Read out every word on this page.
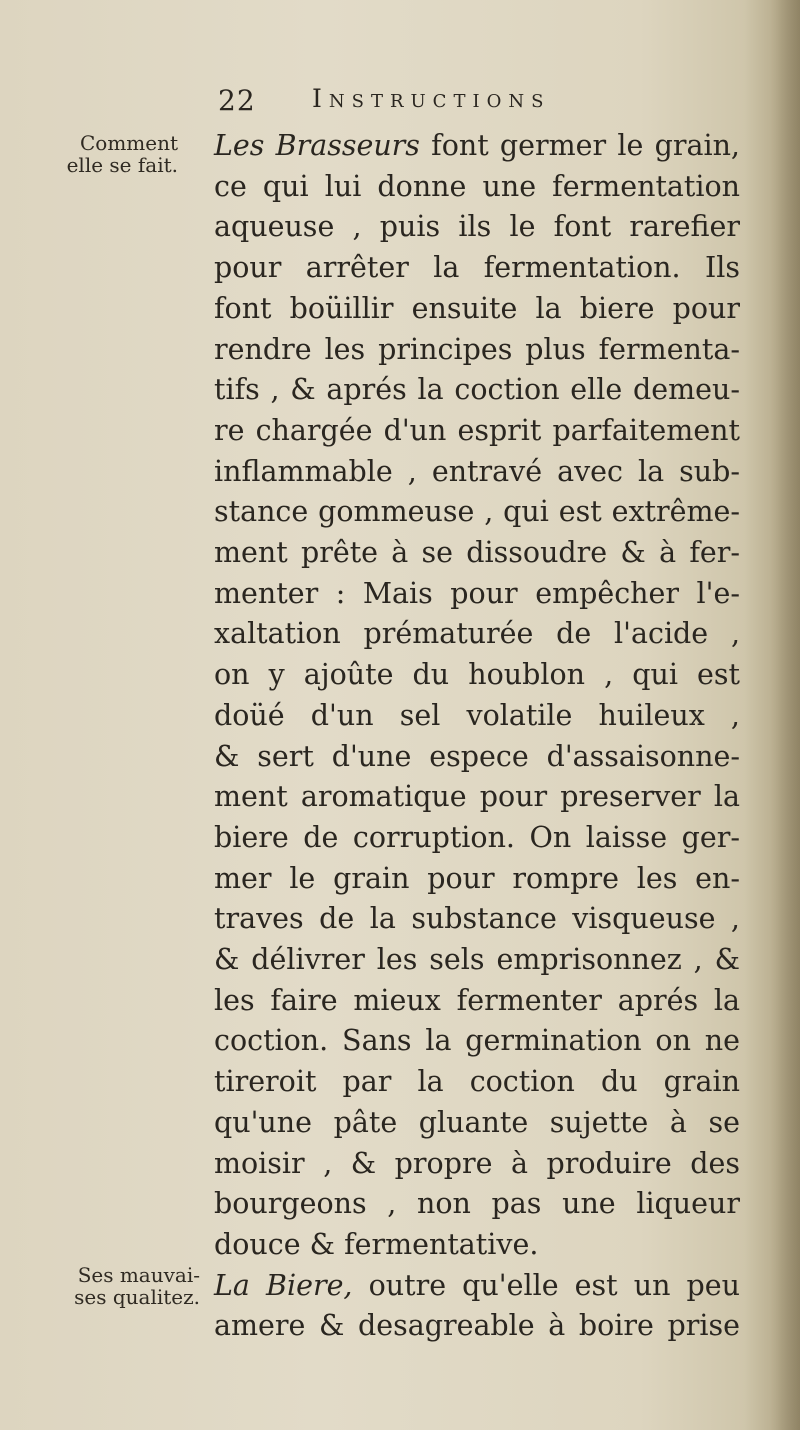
22 Instructions
Comment
elle se fait.
Ses mauvai-
ses qualitez.
Les Brasseurs font germer le grain,
ce qui lui donne une fermentation
aqueuse , puis ils le font rarefier
pour arrêter la fermentation. Ils
font boüillir ensuite la biere pour
rendre les principes plus fermenta-
tifs , & aprés la coction elle demeu-
re chargée d'un esprit parfaitement
inflammable , entravé avec la sub-
stance gommeuse , qui est extrême-
ment prête à se dissoudre & à fer-
menter : Mais pour empêcher l'e-
xaltation prématurée de l'acide ,
on y ajoûte du houblon , qui est
doüé d'un sel volatile huileux ,
& sert d'une espece d'assaisonne-
ment aromatique pour preserver la
biere de corruption. On laisse ger-
mer le grain pour rompre les en-
traves de la substance visqueuse ,
& délivrer les sels emprisonnez , &
les faire mieux fermenter aprés la
coction. Sans la germination on ne
tireroit par la coction du grain
qu'une pâte gluante sujette à se
moisir , & propre à produire des
bourgeons , non pas une liqueur
douce & fermentative.
La Biere, outre qu'elle est un peu
amere & desagreable à boire prise
